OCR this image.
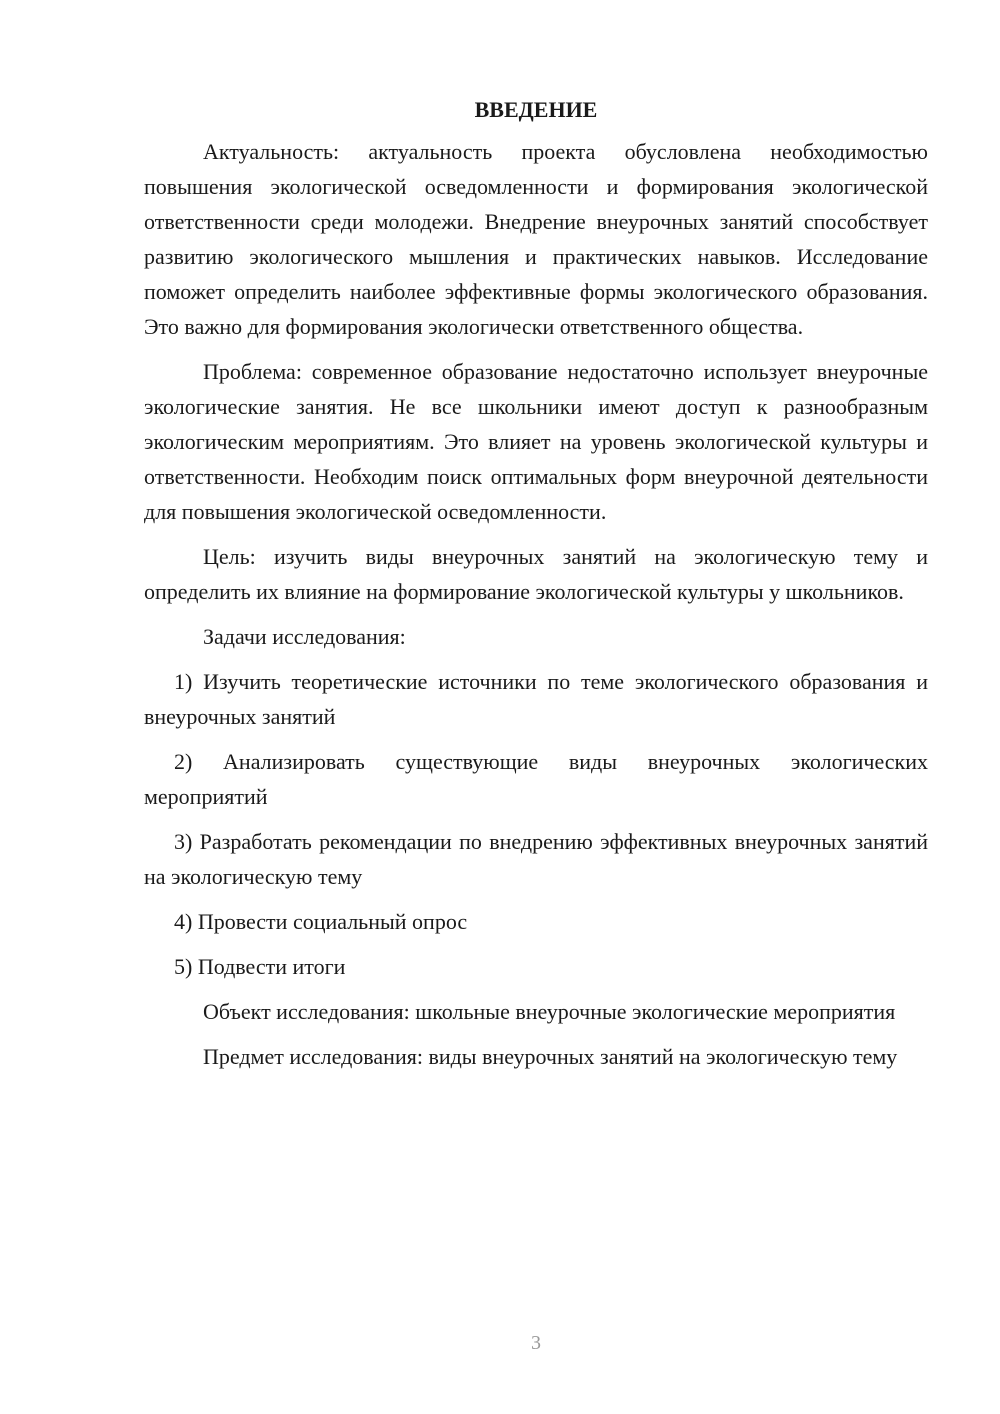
ВВЕДЕНИЕ

Актуальность: актуальность проекта обусловлена необходимостью повышения экологической осведомленности и формирования экологической ответственности среди молодежи. Внедрение внеурочных занятий способствует развитию экологического мышления и практических навыков. Исследование поможет определить наиболее эффективные формы экологического образования. Это важно для формирования экологически ответственного общества.

Проблема: современное образование недостаточно использует внеурочные экологические занятия. Не все школьники имеют доступ к разнообразным экологическим мероприятиям. Это влияет на уровень экологической культуры и ответственности. Необходим поиск оптимальных форм внеурочной деятельности для повышения экологической осведомленности.

Цель: изучить виды внеурочных занятий на экологическую тему и определить их влияние на формирование экологической культуры у школьников.

Задачи исследования:

1) Изучить теоретические источники по теме экологического образования и внеурочных занятий

2) Анализировать существующие виды внеурочных экологических мероприятий

3) Разработать рекомендации по внедрению эффективных внеурочных занятий на экологическую тему

4) Провести социальный опрос

5) Подвести итоги

Объект исследования: школьные внеурочные экологические мероприятия

Предмет исследования: виды внеурочных занятий на экологическую тему

3
